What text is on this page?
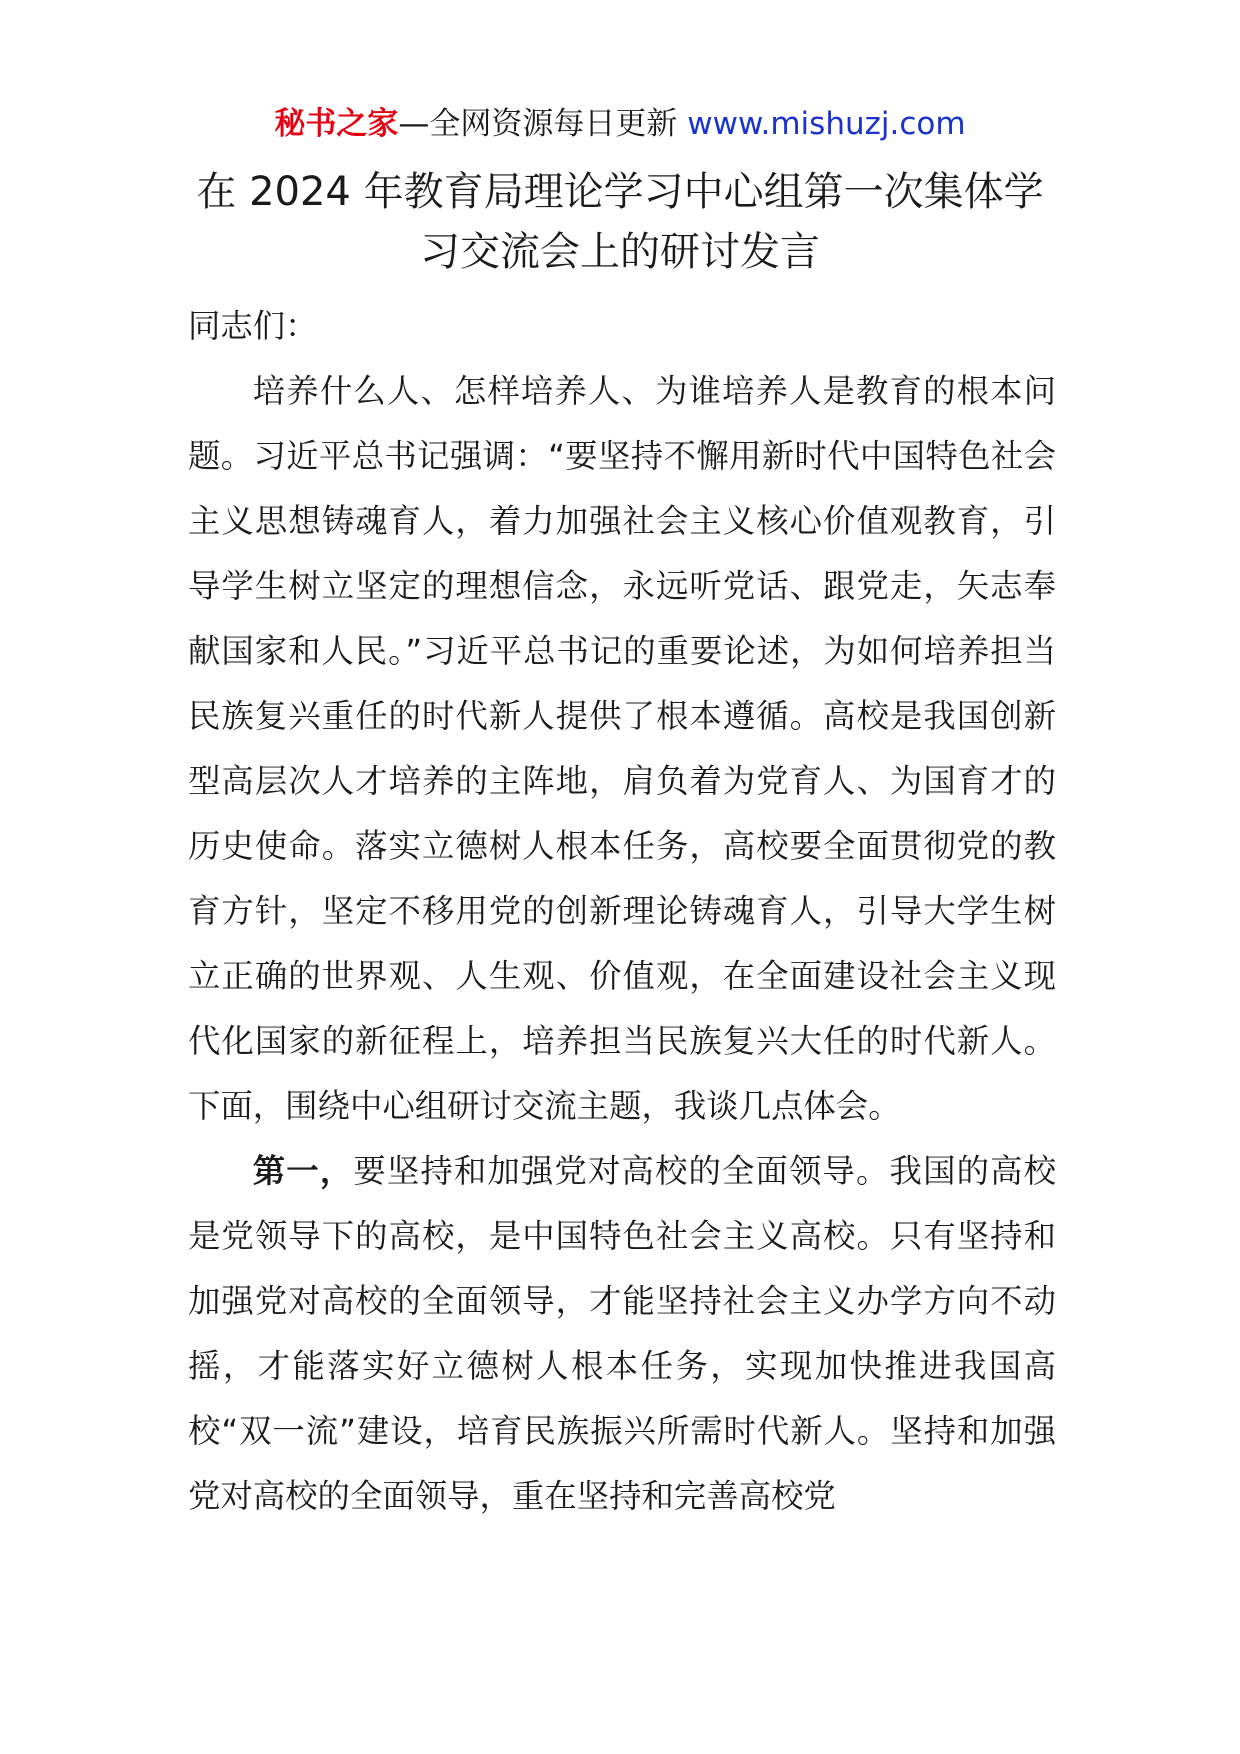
秘书之家—全网资源每日更新 www.mishuzj.com
在 2024 年教育局理论学习中心组第一次集体学
习交流会上的研讨发言

同志们：

培养什么人、怎样培养人、为谁培养人是教育的根本问题。习近平总书记强调：“要坚持不懈用新时代中国特色社会主义思想铸魂育人，着力加强社会主义核心价值观教育，引导学生树立坚定的理想信念，永远听党话、跟党走，矢志奉献国家和人民。”习近平总书记的重要论述，为如何培养担当民族复兴重任的时代新人提供了根本遵循。高校是我国创新型高层次人才培养的主阵地，肩负着为党育人、为国育才的历史使命。落实立德树人根本任务，高校要全面贯彻党的教育方针，坚定不移用党的创新理论铸魂育人，引导大学生树立正确的世界观、人生观、价值观，在全面建设社会主义现代化国家的新征程上，培养担当民族复兴大任的时代新人。下面，围绕中心组研讨交流主题，我谈几点体会。

第一，要坚持和加强党对高校的全面领导。我国的高校是党领导下的高校，是中国特色社会主义高校。只有坚持和加强党对高校的全面领导，才能坚持社会主义办学方向不动摇，才能落实好立德树人根本任务，实现加快推进我国高校“双一流”建设，培育民族振兴所需时代新人。坚持和加强党对高校的全面领导，重在坚持和完善高校党
